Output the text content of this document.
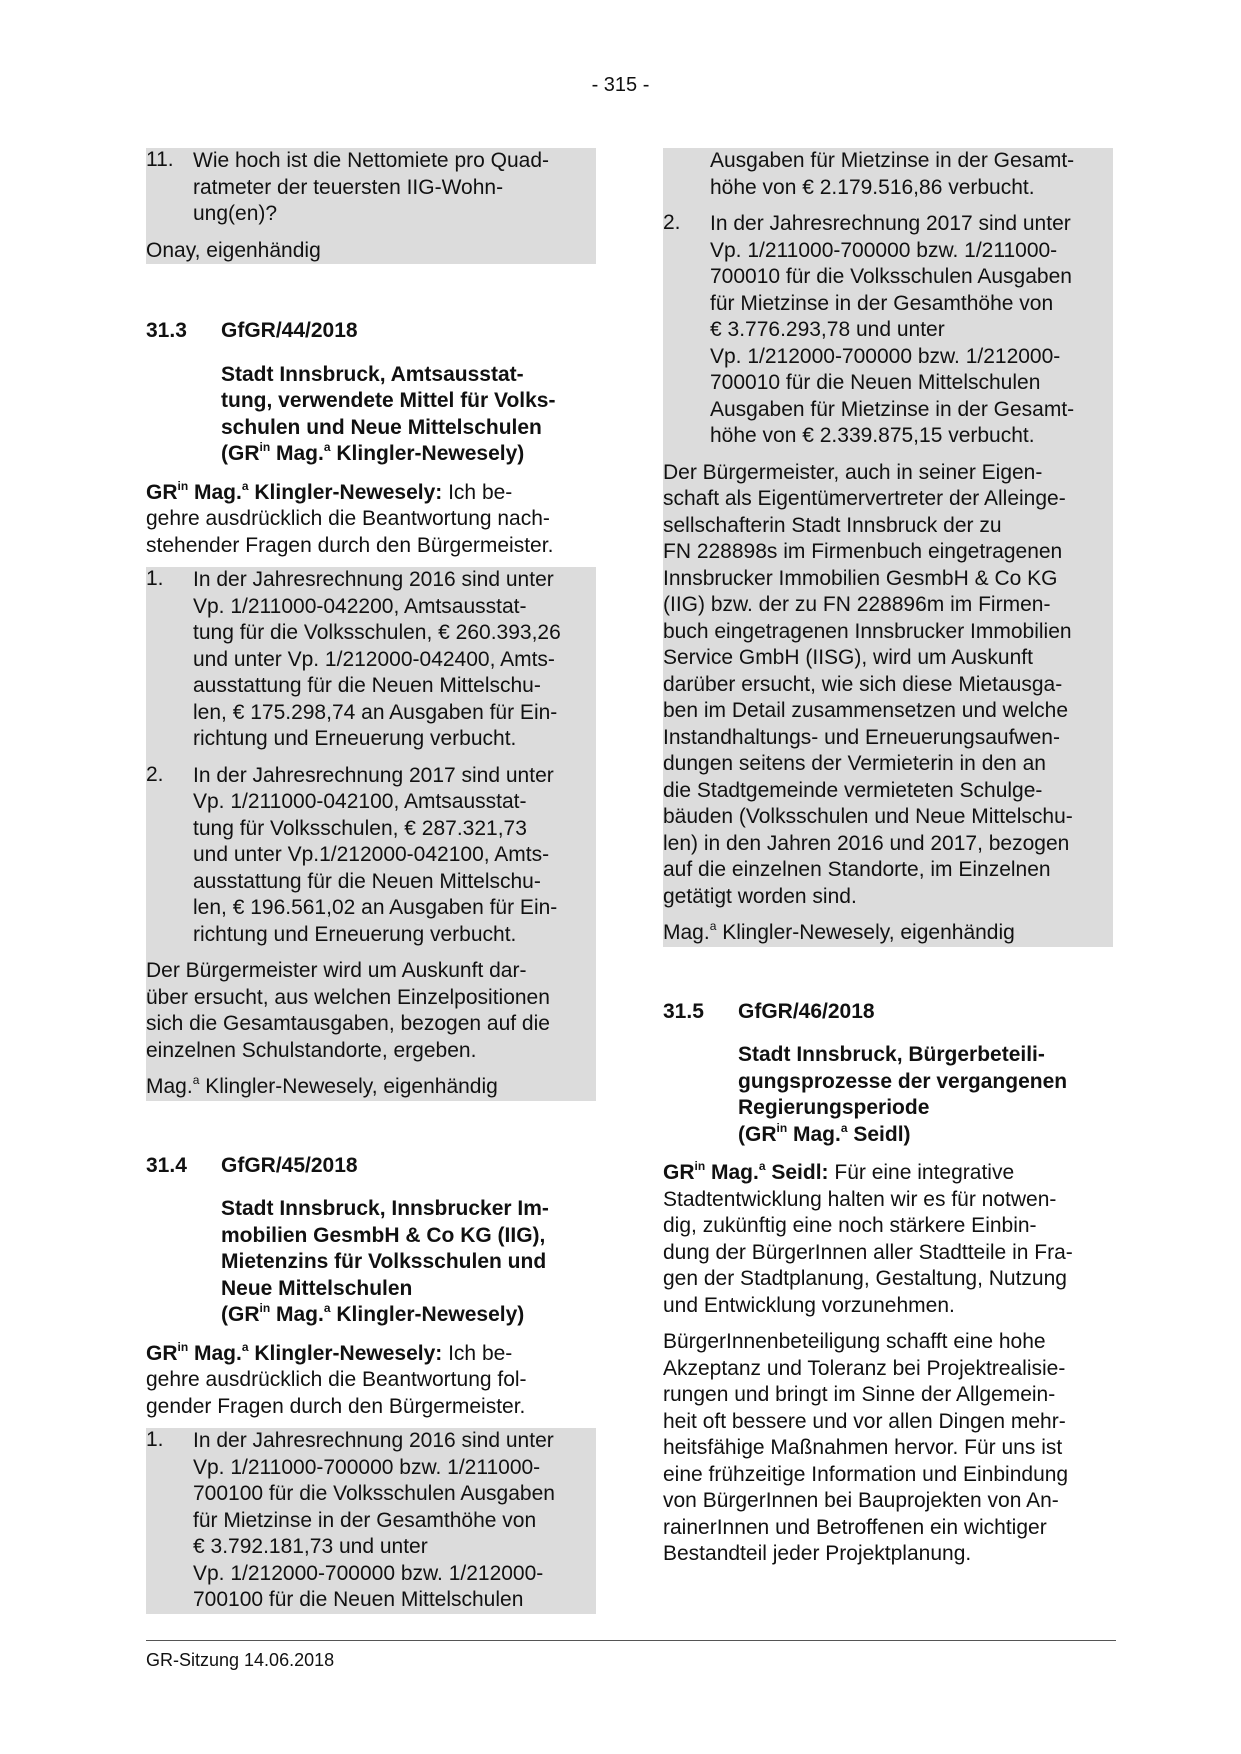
- 315 -
11. Wie hoch ist die Nettomiete pro Quad-
ratmeter der teuersten IIG-Wohn-
ung(en)?
Onay, eigenhändig
31.3	GfGR/44/2018
Stadt Innsbruck, Amtsausstat-
tung, verwendete Mittel für Volks-
schulen und Neue Mittelschulen
($GR^{in}$ Mag.$^a$ Klingler-Newesely)
$GR^{in}$ Mag.$^a$ Klingler-Newesely: Ich be-
gehre ausdrücklich die Beantwortung nach-
stehender Fragen durch den Bürgermeister.
1.	In der Jahresrechnung 2016 sind unter
Vp. 1/211000-042200, Amtsausstat-
tung für die Volksschulen, € 260.393,26
und unter Vp. 1/212000-042400, Amts-
ausstattung für die Neuen Mittelschu-
len, € 175.298,74 an Ausgaben für Ein-
richtung und Erneuerung verbucht.
2.	In der Jahresrechnung 2017 sind unter
Vp. 1/211000-042100, Amtsausstat-
tung für Volksschulen, € 287.321,73
und unter Vp.1/212000-042100, Amts-
ausstattung für die Neuen Mittelschu-
len, € 196.561,02 an Ausgaben für Ein-
richtung und Erneuerung verbucht.
Der Bürgermeister wird um Auskunft dar-
über ersucht, aus welchen Einzelpositionen
sich die Gesamtausgaben, bezogen auf die
einzelnen Schulstandorte, ergeben.
Mag.$^a$ Klingler-Newesely, eigenhändig
31.4	GfGR/45/2018
Stadt Innsbruck, Innsbrucker Im-
mobilien GesmbH & Co KG (IIG),
Mietenzins für Volksschulen und
Neue Mittelschulen
($GR^{in}$ Mag.$^a$ Klingler-Newesely)
$GR^{in}$ Mag.$^a$ Klingler-Newesely: Ich be-
gehre ausdrücklich die Beantwortung fol-
gender Fragen durch den Bürgermeister.
1.	In der Jahresrechnung 2016 sind unter
Vp. 1/211000-700000 bzw. 1/211000-
700100 für die Volksschulen Ausgaben
für Mietzinse in der Gesamthöhe von
€ 3.792.181,73 und unter
Vp. 1/212000-700000 bzw. 1/212000-
700100 für die Neuen Mittelschulen
Ausgaben für Mietzinse in der Gesamt-
höhe von € 2.179.516,86 verbucht.
2.	In der Jahresrechnung 2017 sind unter
Vp. 1/211000-700000 bzw. 1/211000-
700010 für die Volksschulen Ausgaben
für Mietzinse in der Gesamthöhe von
€ 3.776.293,78 und unter
Vp. 1/212000-700000 bzw. 1/212000-
700010 für die Neuen Mittelschulen
Ausgaben für Mietzinse in der Gesamt-
höhe von € 2.339.875,15 verbucht.
Der Bürgermeister, auch in seiner Eigen-
schaft als Eigentümervertreter der Alleinge-
sellschafterin Stadt Innsbruck der zu
FN 228898s im Firmenbuch eingetragenen
Innsbrucker Immobilien GesmbH & Co KG
(IIG) bzw. der zu FN 228896m im Firmen-
buch eingetragenen Innsbrucker Immobilien
Service GmbH (IISG), wird um Auskunft
darüber ersucht, wie sich diese Mietausga-
ben im Detail zusammensetzen und welche
Instandhaltungs- und Erneuerungsaufwen-
dungen seitens der Vermieterin in den an
die Stadtgemeinde vermieteten Schulge-
bäuden (Volksschulen und Neue Mittelschu-
len) in den Jahren 2016 und 2017, bezogen
auf die einzelnen Standorte, im Einzelnen
getätigt worden sind.
Mag.$^a$ Klingler-Newesely, eigenhändig
31.5	GfGR/46/2018
Stadt Innsbruck, Bürgerbeteili-
gungsprozesse der vergangenen
Regierungsperiode
($GR^{in}$ Mag.$^a$ Seidl)
$GR^{in}$ Mag.$^a$ Seidl: Für eine integrative
Stadtentwicklung halten wir es für notwen-
dig, zukünftig eine noch stärkere Einbin-
dung der BürgerInnen aller Stadtteile in Fra-
gen der Stadtplanung, Gestaltung, Nutzung
und Entwicklung vorzunehmen.
BürgerInnenbeteiligung schafft eine hohe
Akzeptanz und Toleranz bei Projektrealisie-
rungen und bringt im Sinne der Allgemein-
heit oft bessere und vor allen Dingen mehr-
heitsfähige Maßnahmen hervor. Für uns ist
eine frühzeitige Information und Einbindung
von BürgerInnen bei Bauprojekten von An-
rainerInnen und Betroffenen ein wichtiger
Bestandteil jeder Projektplanung.
GR-Sitzung 14.06.2018
